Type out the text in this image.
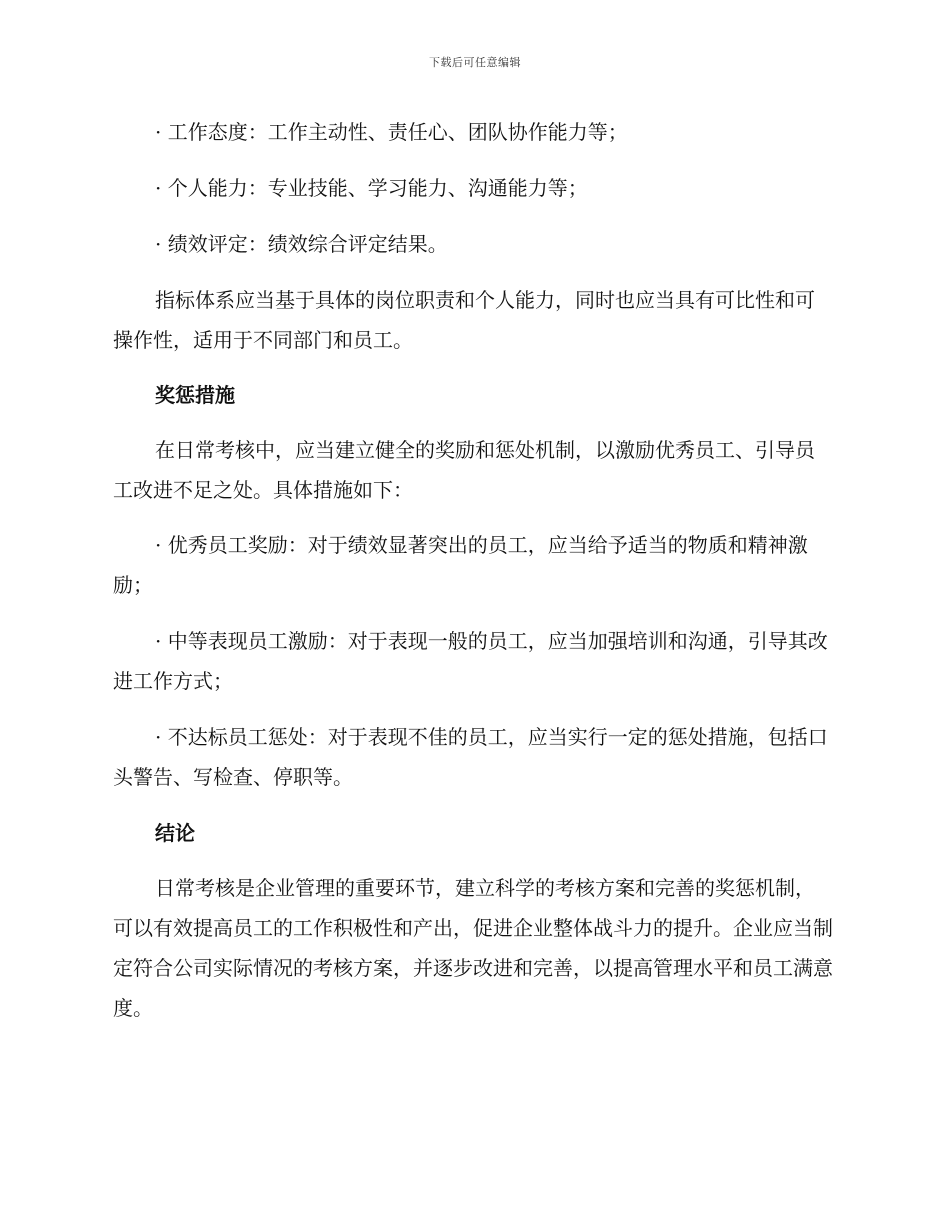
下载后可任意编辑

· 工作态度：工作主动性、责任心、团队协作能力等；

· 个人能力：专业技能、学习能力、沟通能力等；

· 绩效评定：绩效综合评定结果。

指标体系应当基于具体的岗位职责和个人能力，同时也应当具有可比性和可操作性，适用于不同部门和员工。

奖惩措施

在日常考核中，应当建立健全的奖励和惩处机制，以激励优秀员工、引导员工改进不足之处。具体措施如下：

· 优秀员工奖励：对于绩效显著突出的员工，应当给予适当的物质和精神激励；

· 中等表现员工激励：对于表现一般的员工，应当加强培训和沟通，引导其改进工作方式；

· 不达标员工惩处：对于表现不佳的员工，应当实行一定的惩处措施，包括口头警告、写检查、停职等。

结论

日常考核是企业管理的重要环节，建立科学的考核方案和完善的奖惩机制，可以有效提高员工的工作积极性和产出，促进企业整体战斗力的提升。企业应当制定符合公司实际情况的考核方案，并逐步改进和完善，以提高管理水平和员工满意度。
